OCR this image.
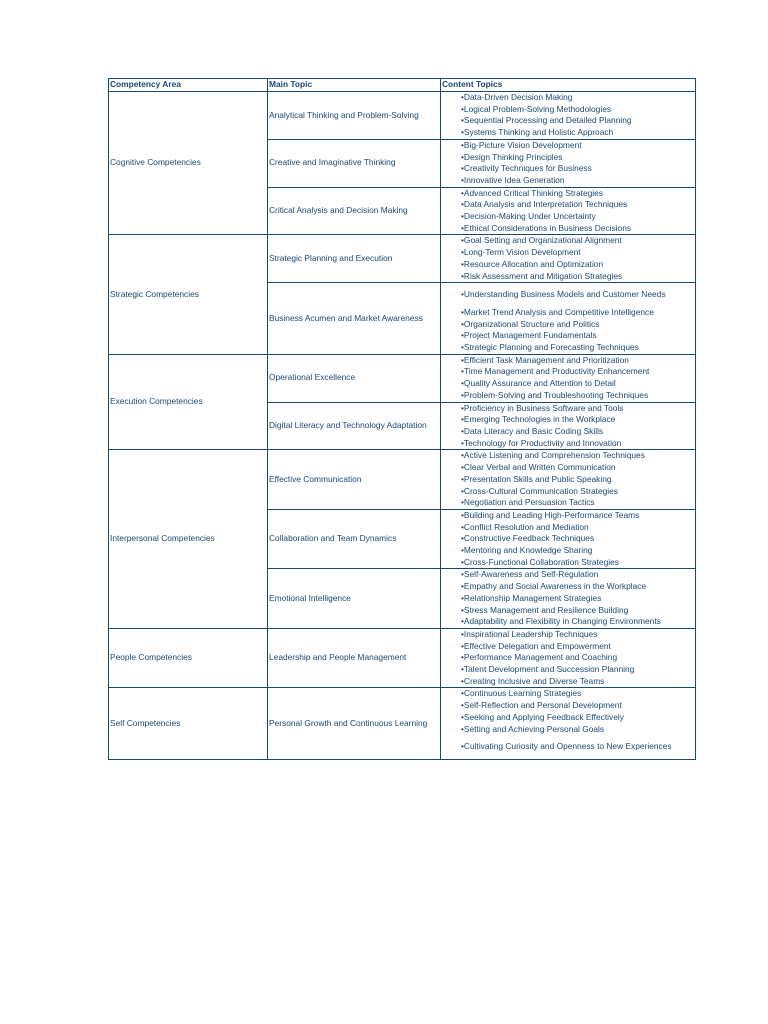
Competency Area	Main Topic	Content Topics
Cognitive Competencies	Analytical Thinking and Problem-Solving	•Data-Driven Decision Making
•Logical Problem-Solving Methodologies
•Sequential Processing and Detailed Planning
•Systems Thinking and Holistic Approach

	Creative and Imaginative Thinking	•Big-Picture Vision Development
•Design Thinking Principles
•Creativity Techniques for Business
•Innovative Idea Generation

	Critical Analysis and Decision Making	•Advanced Critical Thinking Strategies
•Data Analysis and Interpretation Techniques
•Decision-Making Under Uncertainty
•Ethical Considerations in Business Decisions

Strategic Competencies	Strategic Planning and Execution	•Goal Setting and Organizational Alignment
•Long-Term Vision Development
•Resource Allocation and Optimization
•Risk Assessment and Mitigation Strategies

	Business Acumen and Market Awareness	•Understanding Business Models and Customer Needs
•Market Trend Analysis and Competitive Intelligence
•Organizational Structure and Politics
•Project Management Fundamentals
•Strategic Planning and Forecasting Techniques

Execution Competencies	Operational Excellence	•Efficient Task Management and Prioritization
•Time Management and Productivity Enhancement
•Quality Assurance and Attention to Detail
•Problem-Solving and Troubleshooting Techniques

	Digital Literacy and Technology Adaptation	•Proficiency in Business Software and Tools
•Emerging Technologies in the Workplace
•Data Literacy and Basic Coding Skills
•Technology for Productivity and Innovation

Interpersonal Competencies	Effective Communication	•Active Listening and Comprehension Techniques
•Clear Verbal and Written Communication
•Presentation Skills and Public Speaking
•Cross-Cultural Communication Strategies
•Negotiation and Persuasion Tactics

	Collaboration and Team Dynamics	•Building and Leading High-Performance Teams
•Conflict Resolution and Mediation
•Constructive Feedback Techniques
•Mentoring and Knowledge Sharing
•Cross-Functional Collaboration Strategies

	Emotional Intelligence	•Self-Awareness and Self-Regulation
•Empathy and Social Awareness in the Workplace
•Relationship Management Strategies
•Stress Management and Resilience Building
•Adaptability and Flexibility in Changing Environments

People Competencies	Leadership and People Management	•Inspirational Leadership Techniques
•Effective Delegation and Empowerment
•Performance Management and Coaching
•Talent Development and Succession Planning
•Creating Inclusive and Diverse Teams

Self Competencies	Personal Growth and Continuous Learning	•Continuous Learning Strategies
•Self-Reflection and Personal Development
•Seeking and Applying Feedback Effectively
•Setting and Achieving Personal Goals
•Cultivating Curiosity and Openness to New Experiences
